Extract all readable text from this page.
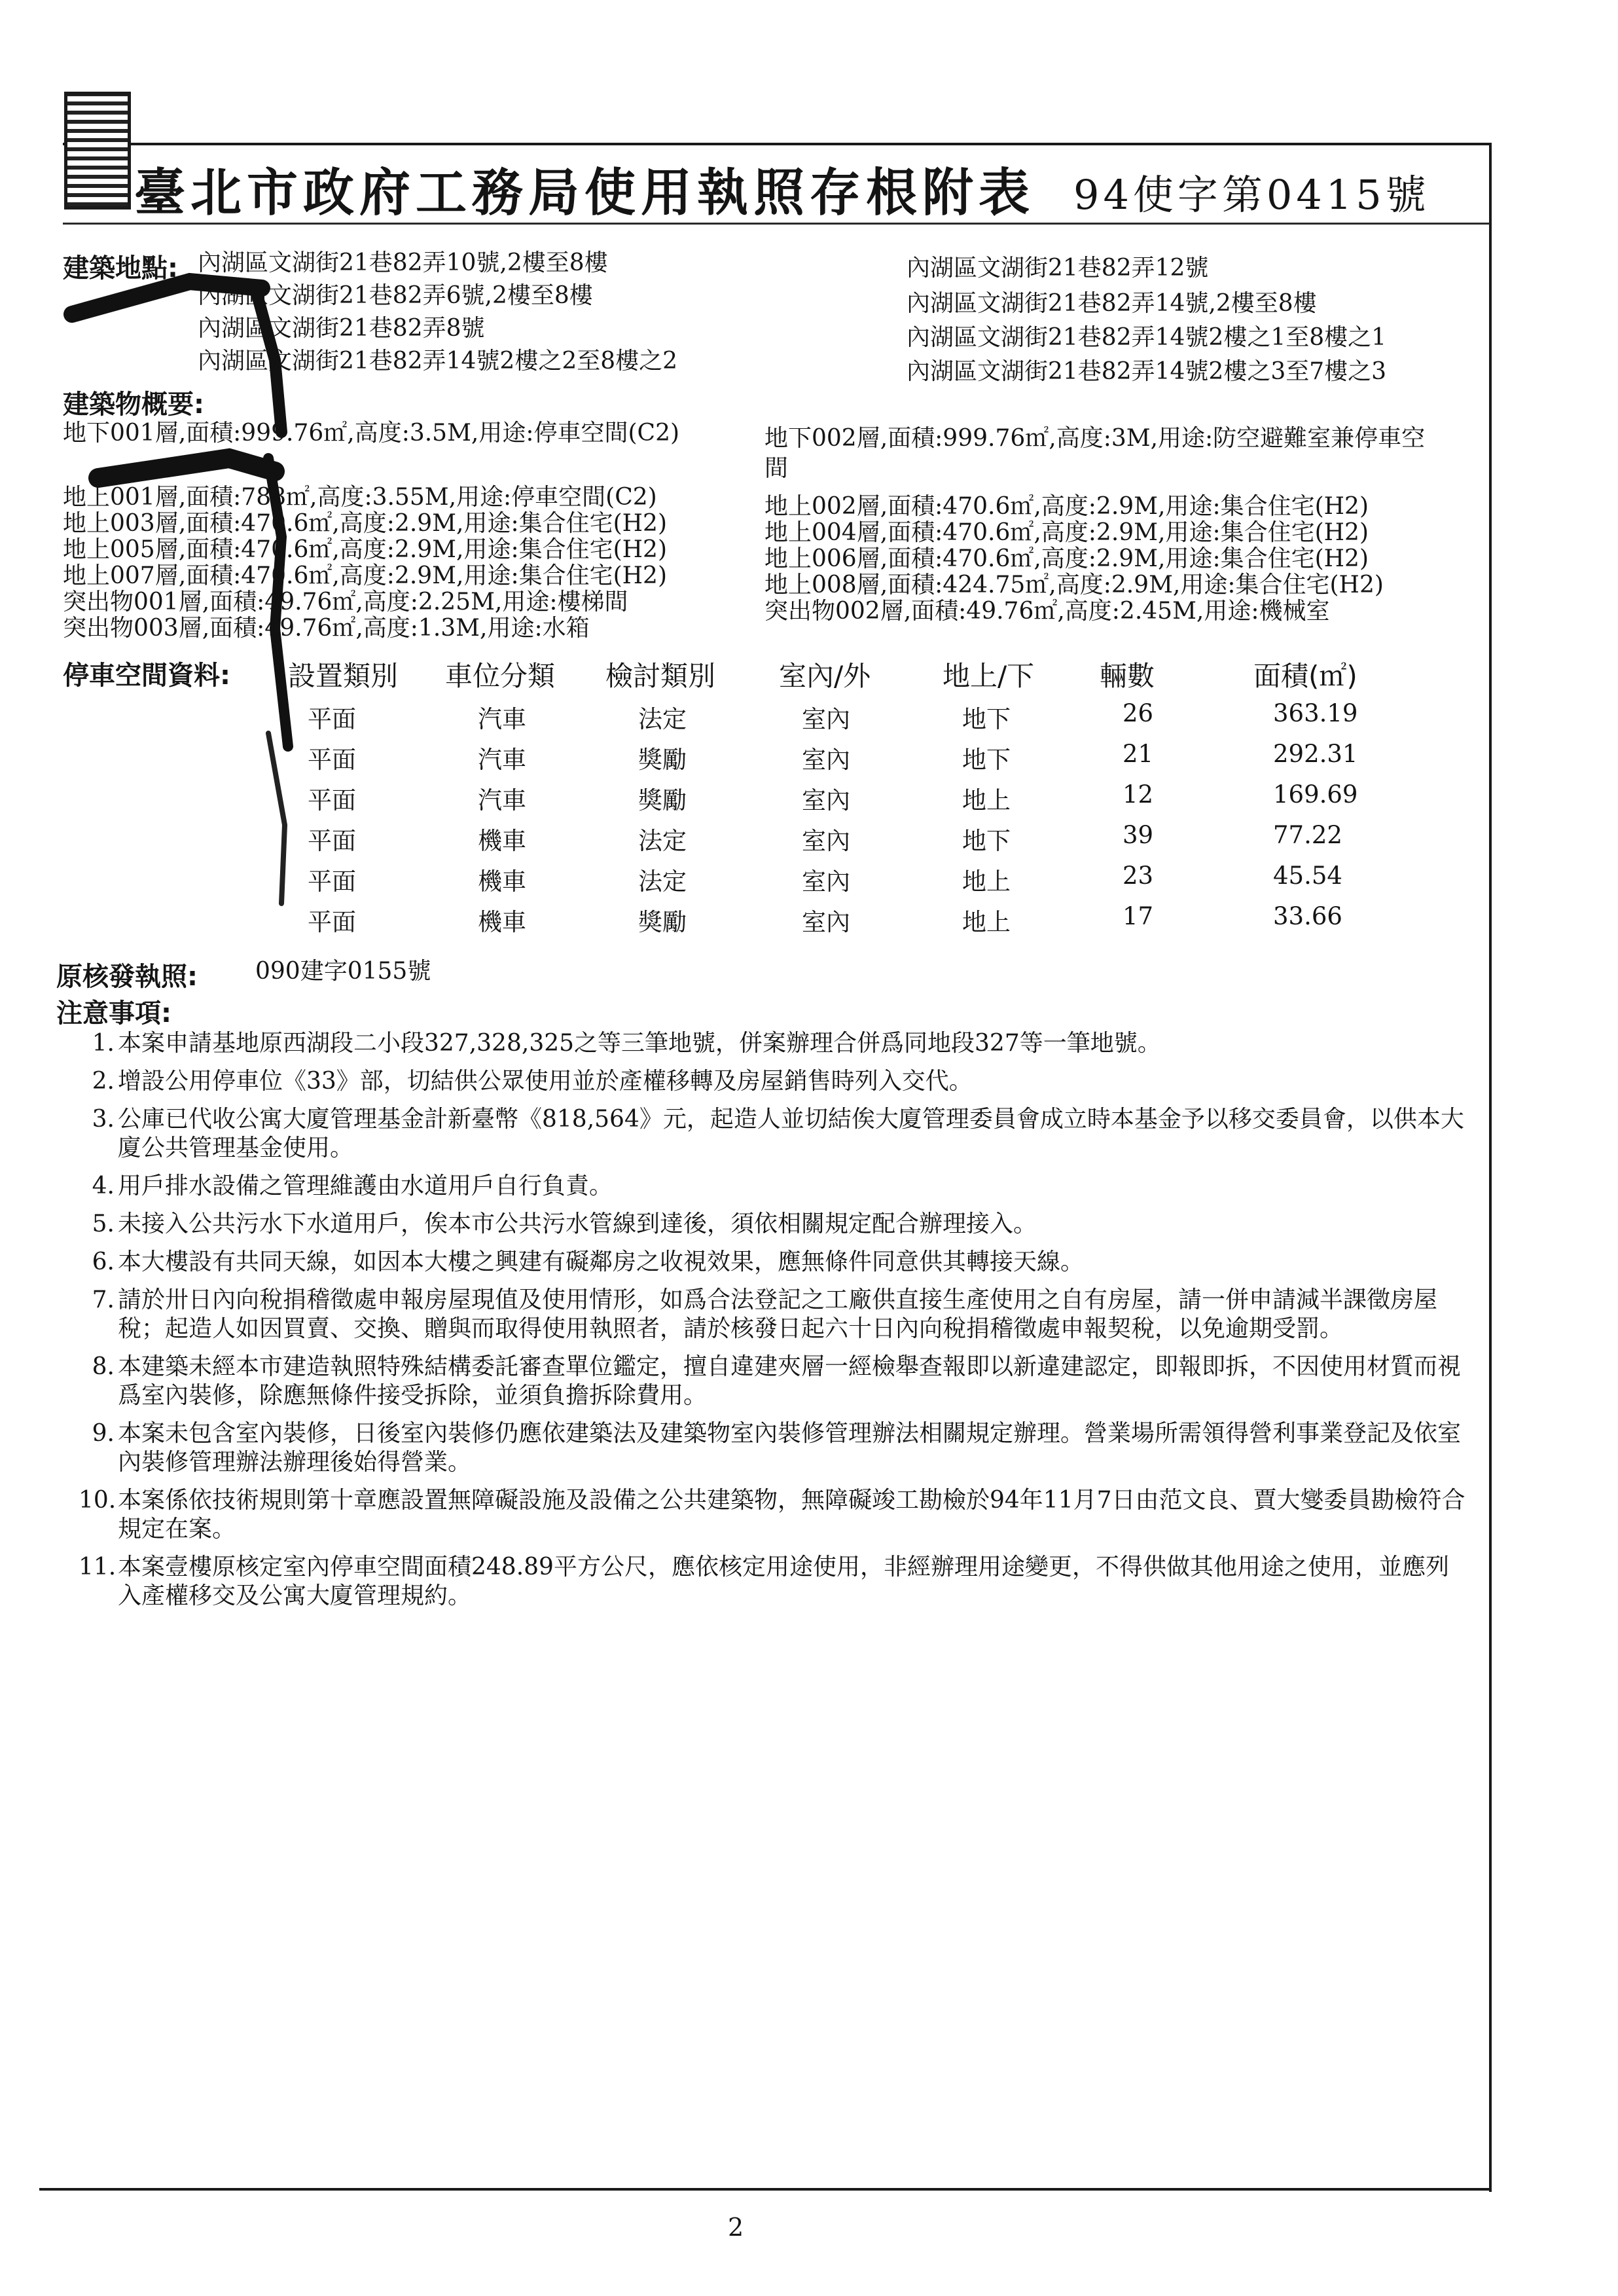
臺北市政府工務局使用執照存根附表 94使字第0415號
建築地點: 內湖區文湖街21巷82弄10號,2樓至8樓
內湖區文湖街21巷82弄6號,2樓至8樓
內湖區文湖街21巷82弄8號
內湖區文湖街21巷82弄14號2樓之2至8樓之2
內湖區文湖街21巷82弄12號
內湖區文湖街21巷82弄14號,2樓至8樓
內湖區文湖街21巷82弄14號2樓之1至8樓之1
內湖區文湖街21巷82弄14號2樓之3至7樓之3
建築物概要:
地下001層,面積:999.76㎡,高度:3.5M,用途:停車空間(C2)	地下002層,面積:999.76㎡,高度:3M,用途:防空避難室兼停車空
間
地上001層,面積:788㎡,高度:3.55M,用途:停車空間(C2)
地上003層,面積:470.6㎡,高度:2.9M,用途:集合住宅(H2)
地上005層,面積:470.6㎡,高度:2.9M,用途:集合住宅(H2)
地上007層,面積:470.6㎡,高度:2.9M,用途:集合住宅(H2)
突出物001層,面積:49.76㎡,高度:2.25M,用途:樓梯間
突出物003層,面積:49.76㎡,高度:1.3M,用途:水箱
地上002層,面積:470.6㎡,高度:2.9M,用途:集合住宅(H2)
地上004層,面積:470.6㎡,高度:2.9M,用途:集合住宅(H2)
地上006層,面積:470.6㎡,高度:2.9M,用途:集合住宅(H2)
地上008層,面積:424.75㎡,高度:2.9M,用途:集合住宅(H2)
突出物002層,面積:49.76㎡,高度:2.45M,用途:機械室
停車空間資料: 設置類別 車位分類 檢討類別 室內/外	地上/下 輛數	面積(㎡)
平面	汽車	法定	室內	地下	26	363.19
平面	汽車	獎勵	室內	地下	21	292.31
平面	汽車	獎勵	室內	地上	12	169.69
平面	機車	法定	室內	地下	39	77.22
平面	機車	法定	室內	地上	23	45.54
平面	機車	獎勵	室內	地上	17	33.66
原核發執照: 090建字0155號
注意事項:
1. 本案申請基地原西湖段二小段327,328,325之等三筆地號，併案辦理合併爲同地段327等一筆地號。
2. 增設公用停車位《33》部，切結供公眾使用並於產權移轉及房屋銷售時列入交代。
3. 公庫已代收公寓大廈管理基金計新臺幣《818,564》元，起造人並切結俟大廈管理委員會成立時本基金予以移交委員會，以供本大廈公共管理基金使用。
4. 用戶排水設備之管理維護由水道用戶自行負責。
5. 未接入公共污水下水道用戶，俟本市公共污水管線到達後，須依相關規定配合辦理接入。
6. 本大樓設有共同天線，如因本大樓之興建有礙鄰房之收視效果，應無條件同意供其轉接天線。
7. 請於卅日內向稅捐稽徵處申報房屋現值及使用情形，如爲合法登記之工廠供直接生產使用之自有房屋，請一併申請減半課徵房屋稅；起造人如因買賣、交換、贈與而取得使用執照者，請於核發日起六十日內向稅捐稽徵處申報契稅，以免逾期受罰。
8. 本建築未經本市建造執照特殊結構委託審查單位鑑定，擅自違建夾層一經檢舉查報即以新違建認定，即報即拆，不因使用材質而視爲室內裝修，除應無條件接受拆除，並須負擔拆除費用。
9. 本案未包含室內裝修，日後室內裝修仍應依建築法及建築物室內裝修管理辦法相關規定辦理。營業場所需領得營利事業登記及依室內裝修管理辦法辦理後始得營業。
10. 本案係依技術規則第十章應設置無障礙設施及設備之公共建築物，無障礙竣工勘檢於94年11月7日由范文良、賈大燮委員勘檢符合規定在案。
11. 本案壹樓原核定室內停車空間面積248.89平方公尺，應依核定用途使用，非經辦理用途變更，不得供做其他用途之使用，並應列入產權移交及公寓大廈管理規約。
2
